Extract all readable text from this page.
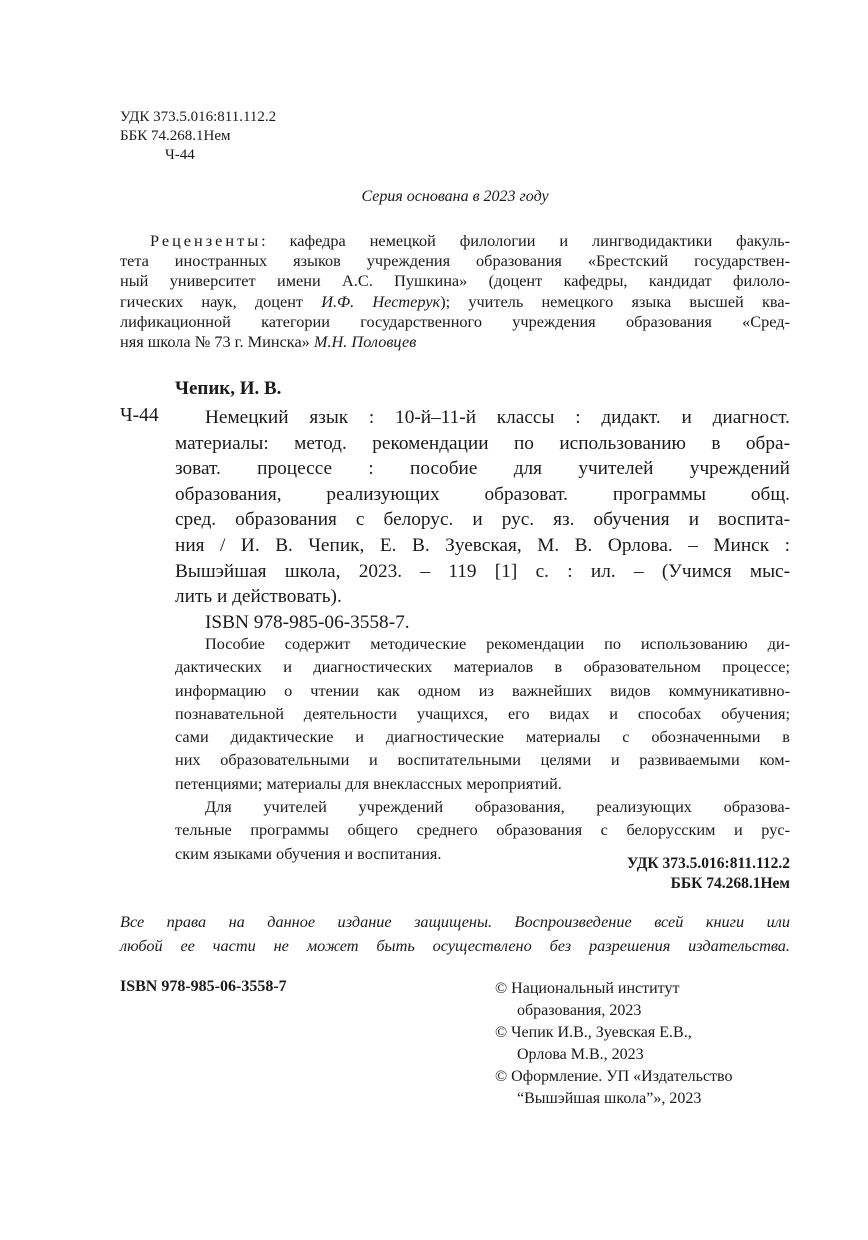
УДК 373.5.016:811.112.2
ББК 74.268.1Нем
Ч-44
Серия основана в 2023 году
Рецензенты: кафедра немецкой филологии и лингводидактики факуль-
тета иностранных языков учреждения образования «Брестский государствен-
ный университет имени А.С. Пушкина» (доцент кафедры, кандидат филоло-
гических наук, доцент И.Ф. Нестерук); учитель немецкого языка высшей ква-
лификационной категории государственного учреждения образования «Сред-
няя школа № 73 г. Минска» М.Н. Половцев
Чепик, И. В.
Ч-44	Немецкий язык : 10-й–11-й классы : дидакт. и диагност.
материалы: метод. рекомендации по использованию в обра-
зоват. процессе : пособие для учителей учреждений
образования, реализующих образоват. программы общ.
сред. образования с белорус. и рус. яз. обучения и воспита-
ния / И. В. Чепик, Е. В. Зуевская, М. В. Орлова. – Минск :
Вышэйшая школа, 2023. – 119 [1] с. : ил. – (Учимся мыс-
лить и действовать).
ISBN 978-985-06-3558-7.
Пособие содержит методические рекомендации по использованию ди-
дактических и диагностических материалов в образовательном процессе;
информацию о чтении как одном из важнейших видов коммуникативно-
познавательной деятельности учащихся, его видах и способах обучения;
сами дидактические и диагностические материалы с обозначенными в
них образовательными и воспитательными целями и развиваемыми ком-
петенциями; материалы для внеклассных мероприятий.
Для учителей учреждений образования, реализующих образова-
тельные программы общего среднего образования с белорусским и рус-
ским языками обучения и воспитания.
УДК 373.5.016:811.112.2
ББК 74.268.1Нем
Все права на данное издание защищены. Воспроизведение всей книги или
любой ее части не может быть осуществлено без разрешения издательства.
ISBN 978-985-06-3558-7	© Национальный институт
образования, 2023
© Чепик И.В., Зуевская Е.В.,
Орлова М.В., 2023
© Оформление. УП «Издательство
“Вышэйшая школа”», 2023
